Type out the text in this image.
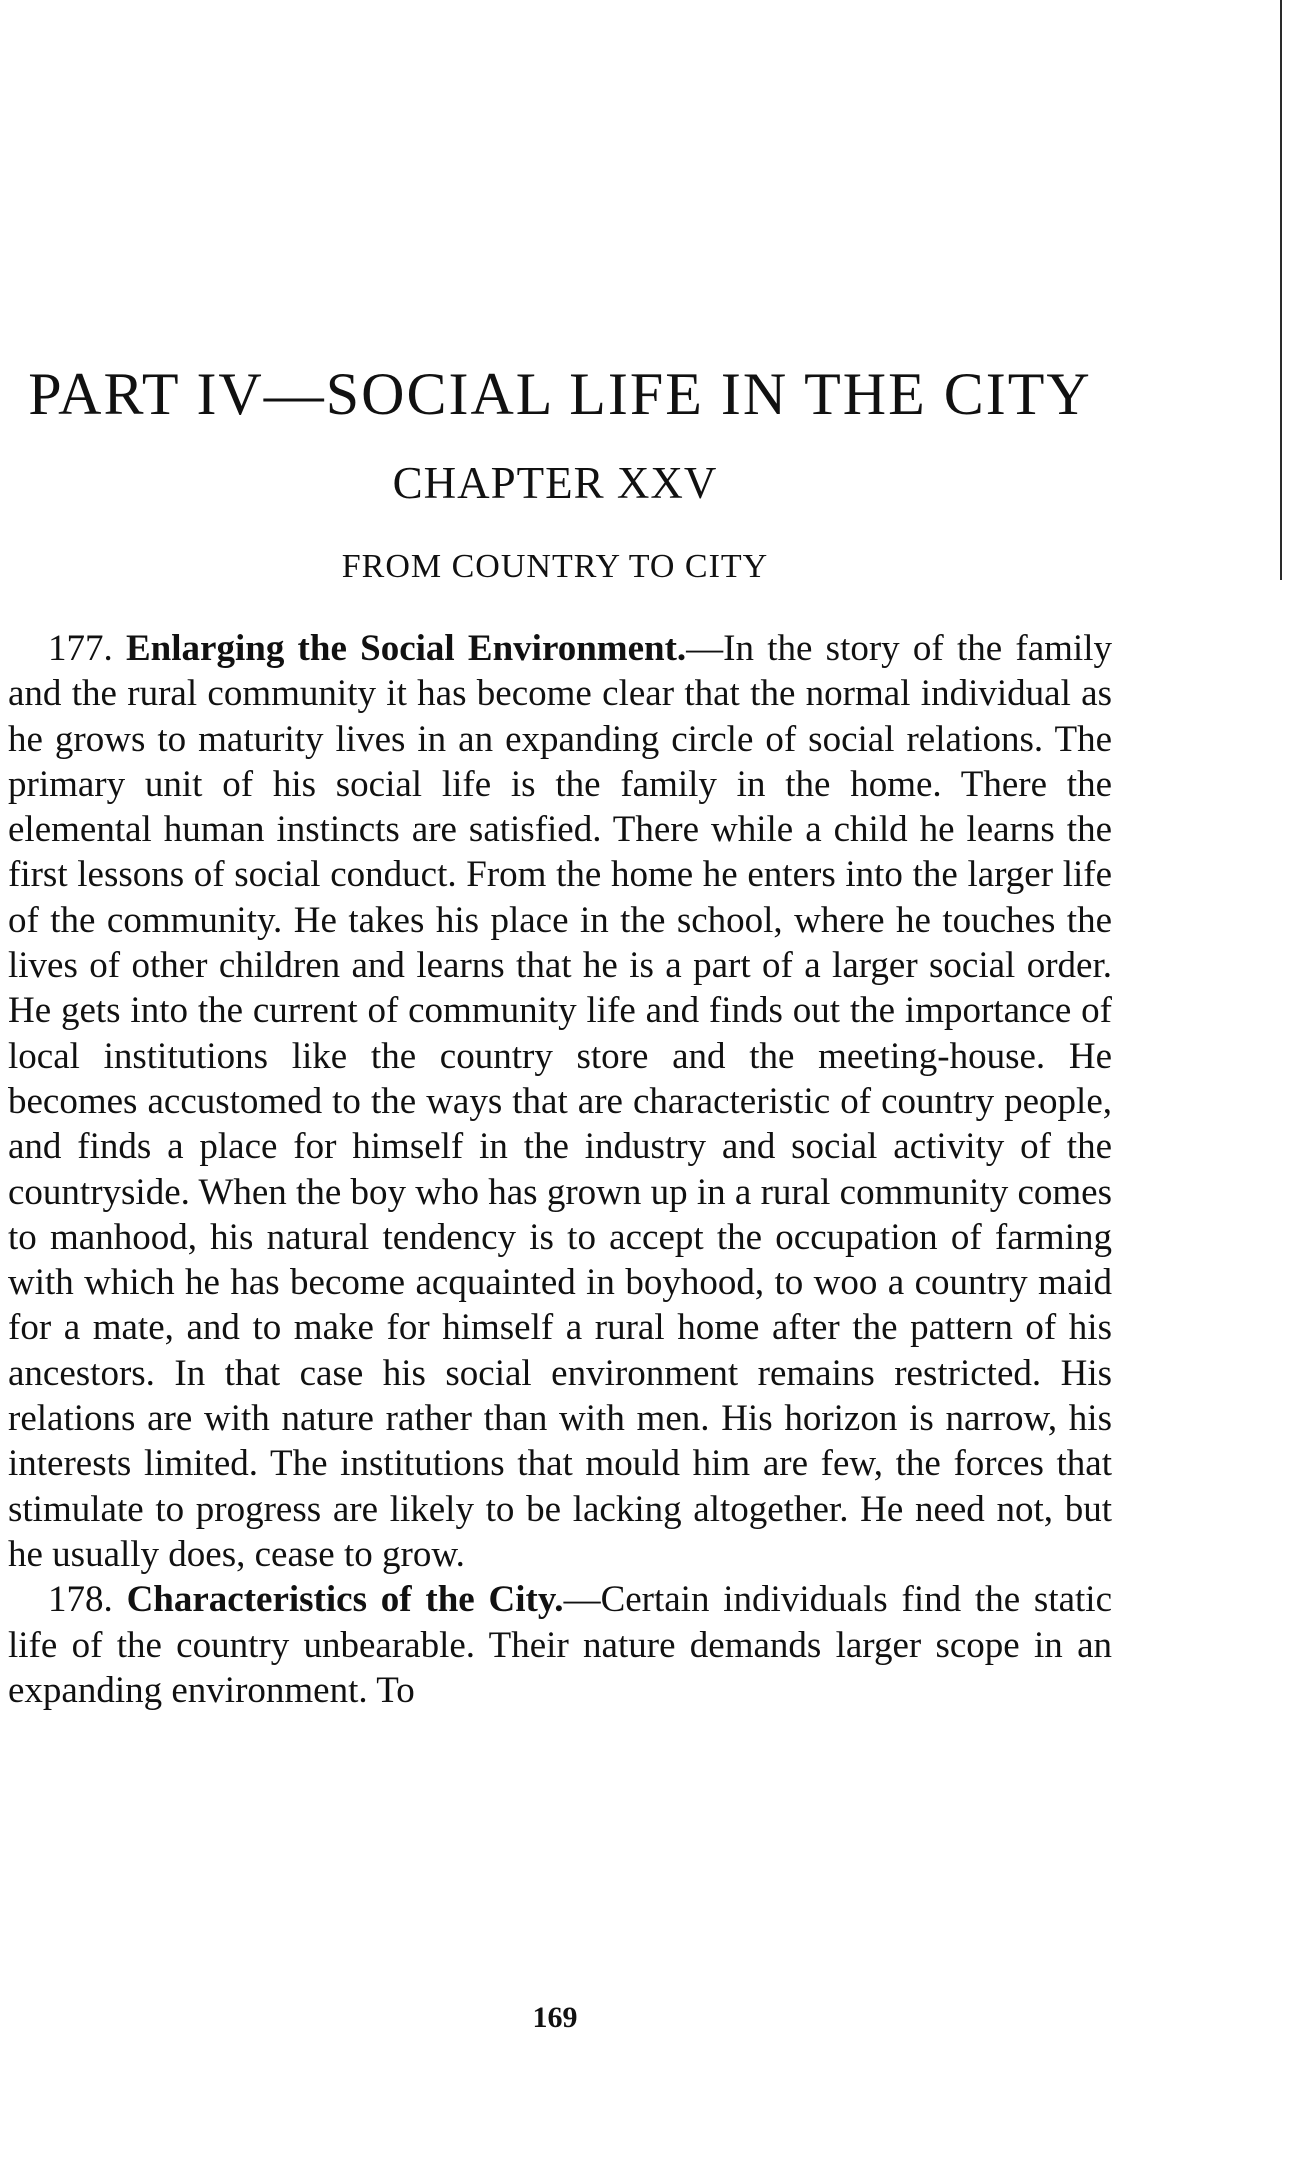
PART IV—SOCIAL LIFE IN THE CITY
CHAPTER XXV
FROM COUNTRY TO CITY

177. Enlarging the Social Environment.—In the story of the family and the rural community it has become clear that the normal individual as he grows to maturity lives in an expanding circle of social relations. The primary unit of his social life is the family in the home. There the elemental human instincts are satisfied. There while a child he learns the first lessons of social conduct. From the home he enters into the larger life of the community. He takes his place in the school, where he touches the lives of other children and learns that he is a part of a larger social order. He gets into the current of community life and finds out the importance of local institutions like the country store and the meeting-house. He becomes accustomed to the ways that are characteristic of country people, and finds a place for himself in the industry and social activity of the countryside. When the boy who has grown up in a rural community comes to manhood, his natural tendency is to accept the occupation of farming with which he has become acquainted in boyhood, to woo a country maid for a mate, and to make for himself a rural home after the pattern of his ancestors. In that case his social environment remains restricted. His relations are with nature rather than with men. His horizon is narrow, his interests limited. The institutions that mould him are few, the forces that stimulate to progress are likely to be lacking altogether. He need not, but he usually does, cease to grow.

178. Characteristics of the City.—Certain individuals find the static life of the country unbearable. Their nature demands larger scope in an expanding environment. To

169
